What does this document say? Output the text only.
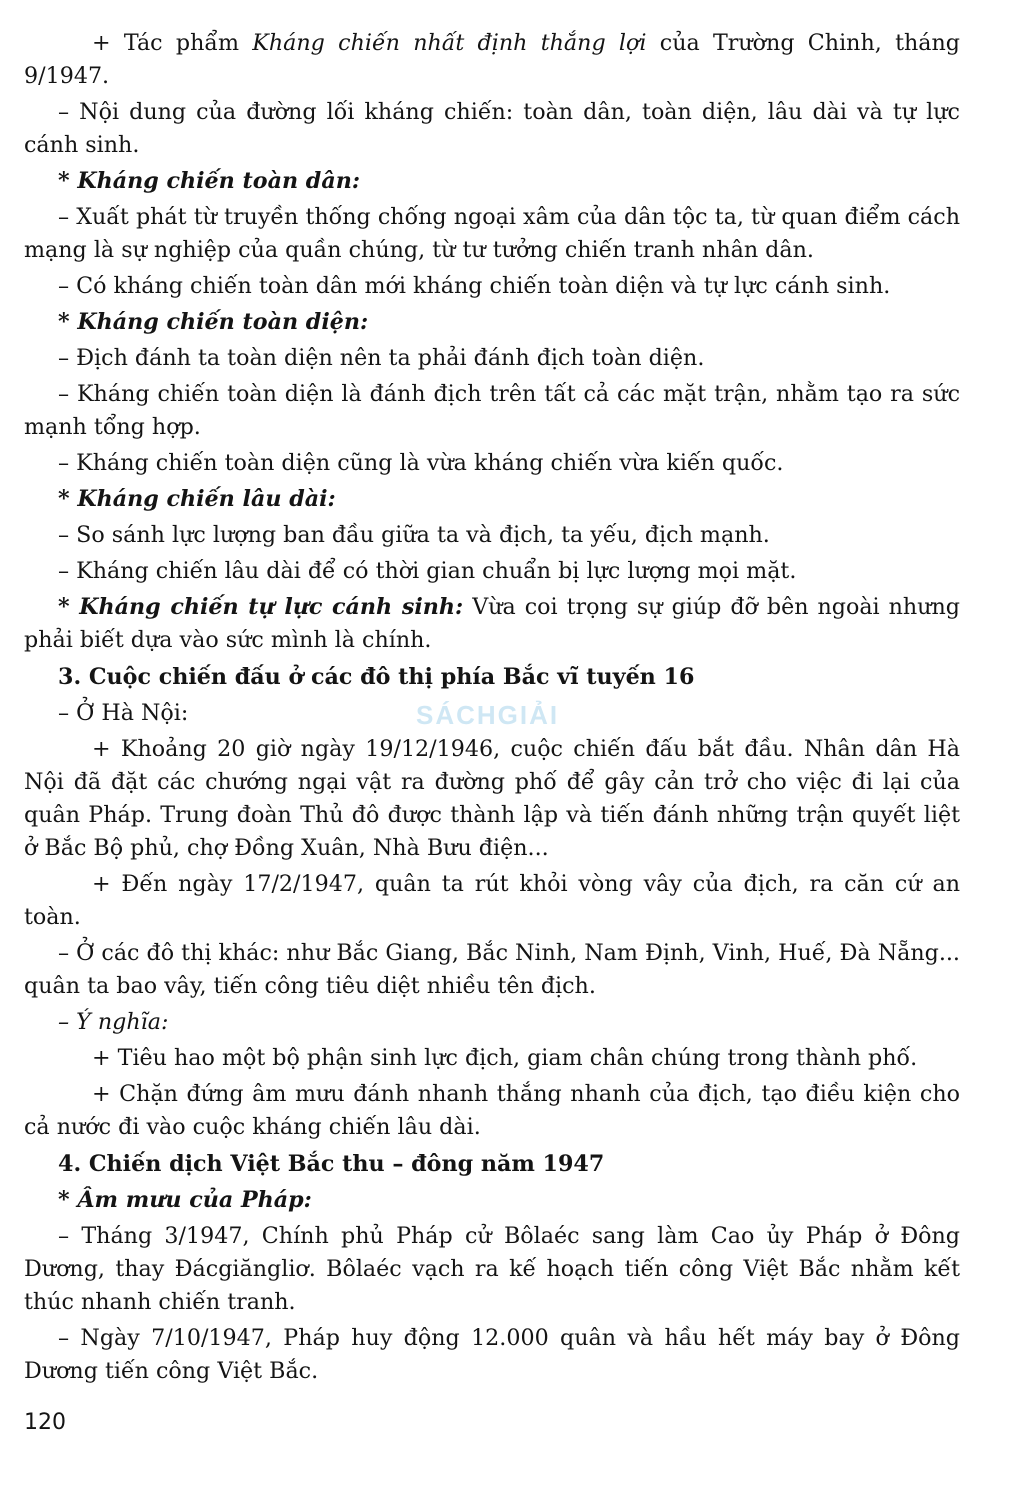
SÁCHGIẢI

+ Tác phẩm Kháng chiến nhất định thắng lợi của Trường Chinh, tháng 9/1947.

– Nội dung của đường lối kháng chiến: toàn dân, toàn diện, lâu dài và tự lực cánh sinh.

* Kháng chiến toàn dân:

– Xuất phát từ truyền thống chống ngoại xâm của dân tộc ta, từ quan điểm cách mạng là sự nghiệp của quần chúng, từ tư tưởng chiến tranh nhân dân.

– Có kháng chiến toàn dân mới kháng chiến toàn diện và tự lực cánh sinh.

* Kháng chiến toàn diện:

– Địch đánh ta toàn diện nên ta phải đánh địch toàn diện.

– Kháng chiến toàn diện là đánh địch trên tất cả các mặt trận, nhằm tạo ra sức mạnh tổng hợp.

– Kháng chiến toàn diện cũng là vừa kháng chiến vừa kiến quốc.

* Kháng chiến lâu dài:

– So sánh lực lượng ban đầu giữa ta và địch, ta yếu, địch mạnh.

– Kháng chiến lâu dài để có thời gian chuẩn bị lực lượng mọi mặt.

* Kháng chiến tự lực cánh sinh: Vừa coi trọng sự giúp đỡ bên ngoài nhưng phải biết dựa vào sức mình là chính.

3. Cuộc chiến đấu ở các đô thị phía Bắc vĩ tuyến 16

– Ở Hà Nội:

+ Khoảng 20 giờ ngày 19/12/1946, cuộc chiến đấu bắt đầu. Nhân dân Hà Nội đã đặt các chướng ngại vật ra đường phố để gây cản trở cho việc đi lại của quân Pháp. Trung đoàn Thủ đô được thành lập và tiến đánh những trận quyết liệt ở Bắc Bộ phủ, chợ Đồng Xuân, Nhà Bưu điện...

+ Đến ngày 17/2/1947, quân ta rút khỏi vòng vây của địch, ra căn cứ an toàn.

– Ở các đô thị khác: như Bắc Giang, Bắc Ninh, Nam Định, Vinh, Huế, Đà Nẵng... quân ta bao vây, tiến công tiêu diệt nhiều tên địch.

– Ý nghĩa:

+ Tiêu hao một bộ phận sinh lực địch, giam chân chúng trong thành phố.

+ Chặn đứng âm mưu đánh nhanh thắng nhanh của địch, tạo điều kiện cho cả nước đi vào cuộc kháng chiến lâu dài.

4. Chiến dịch Việt Bắc thu – đông năm 1947

* Âm mưu của Pháp:

– Tháng 3/1947, Chính phủ Pháp cử Bôlaéc sang làm Cao ủy Pháp ở Đông Dương, thay Đácgiăngliơ. Bôlaéc vạch ra kế hoạch tiến công Việt Bắc nhằm kết thúc nhanh chiến tranh.

– Ngày 7/10/1947, Pháp huy động 12.000 quân và hầu hết máy bay ở Đông Dương tiến công Việt Bắc.

120
